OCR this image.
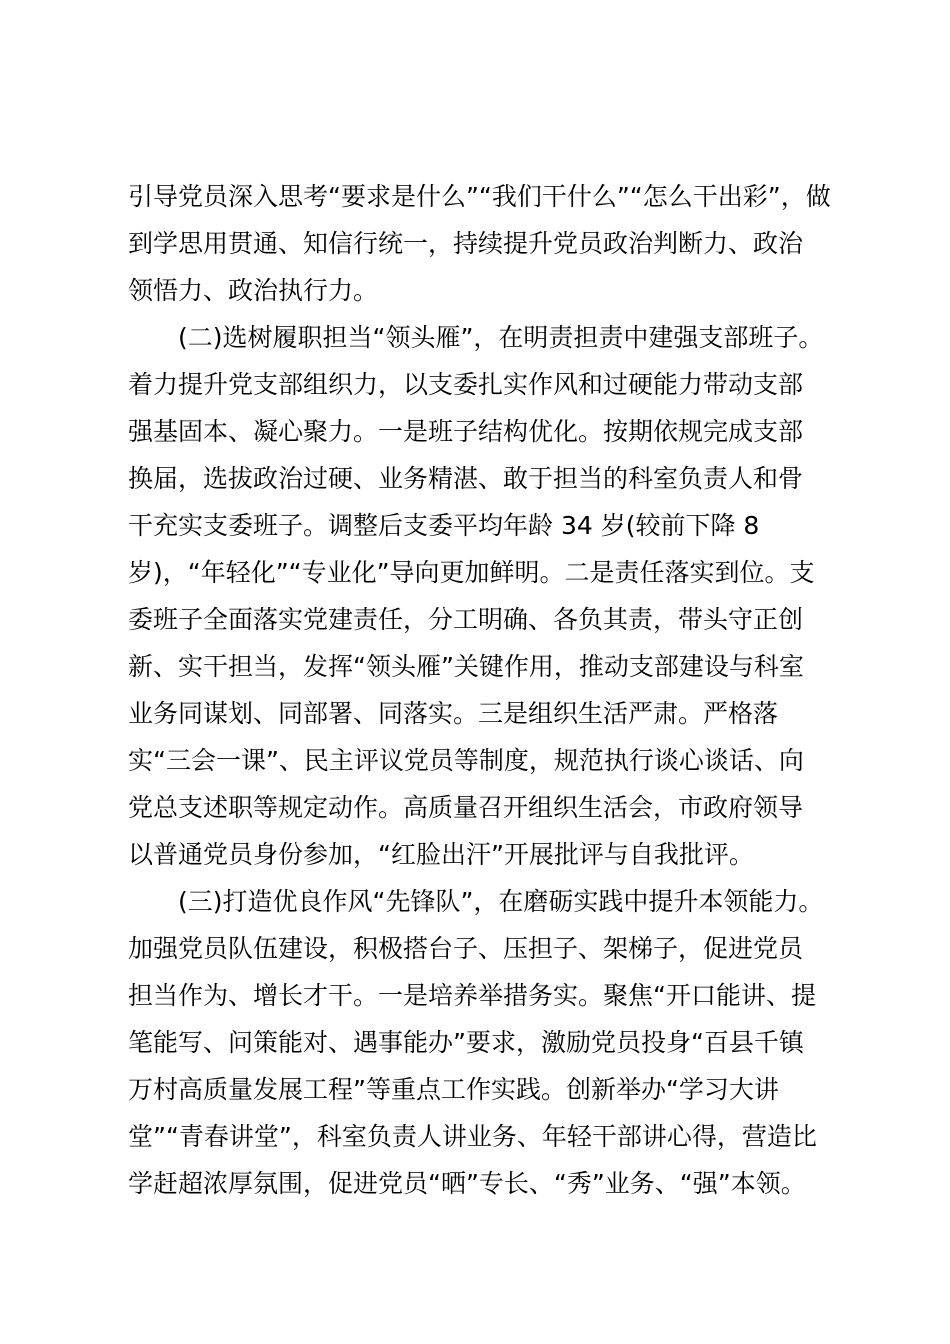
引导党员深入思考“要求是什么”“我们干什么”“怎么干出彩”，做
到学思用贯通、知信行统一，持续提升党员政治判断力、政治
领悟力、政治执行力。
(二)选树履职担当“领头雁”，在明责担责中建强支部班子。
着力提升党支部组织力，以支委扎实作风和过硬能力带动支部
强基固本、凝心聚力。一是班子结构优化。按期依规完成支部
换届，选拔政治过硬、业务精湛、敢于担当的科室负责人和骨
干充实支委班子。调整后支委平均年龄 34 岁(较前下降 8
岁)，“年轻化”“专业化”导向更加鲜明。二是责任落实到位。支
委班子全面落实党建责任，分工明确、各负其责，带头守正创
新、实干担当，发挥“领头雁”关键作用，推动支部建设与科室
业务同谋划、同部署、同落实。三是组织生活严肃。严格落
实“三会一课”、民主评议党员等制度，规范执行谈心谈话、向
党总支述职等规定动作。高质量召开组织生活会，市政府领导
以普通党员身份参加，“红脸出汗”开展批评与自我批评。
(三)打造优良作风“先锋队”，在磨砺实践中提升本领能力。
加强党员队伍建设，积极搭台子、压担子、架梯子，促进党员
担当作为、增长才干。一是培养举措务实。聚焦“开口能讲、提
笔能写、问策能对、遇事能办”要求，激励党员投身“百县千镇
万村高质量发展工程”等重点工作实践。创新举办“学习大讲
堂”“青春讲堂”，科室负责人讲业务、年轻干部讲心得，营造比
学赶超浓厚氛围，促进党员“晒”专长、“秀”业务、“强”本领。
